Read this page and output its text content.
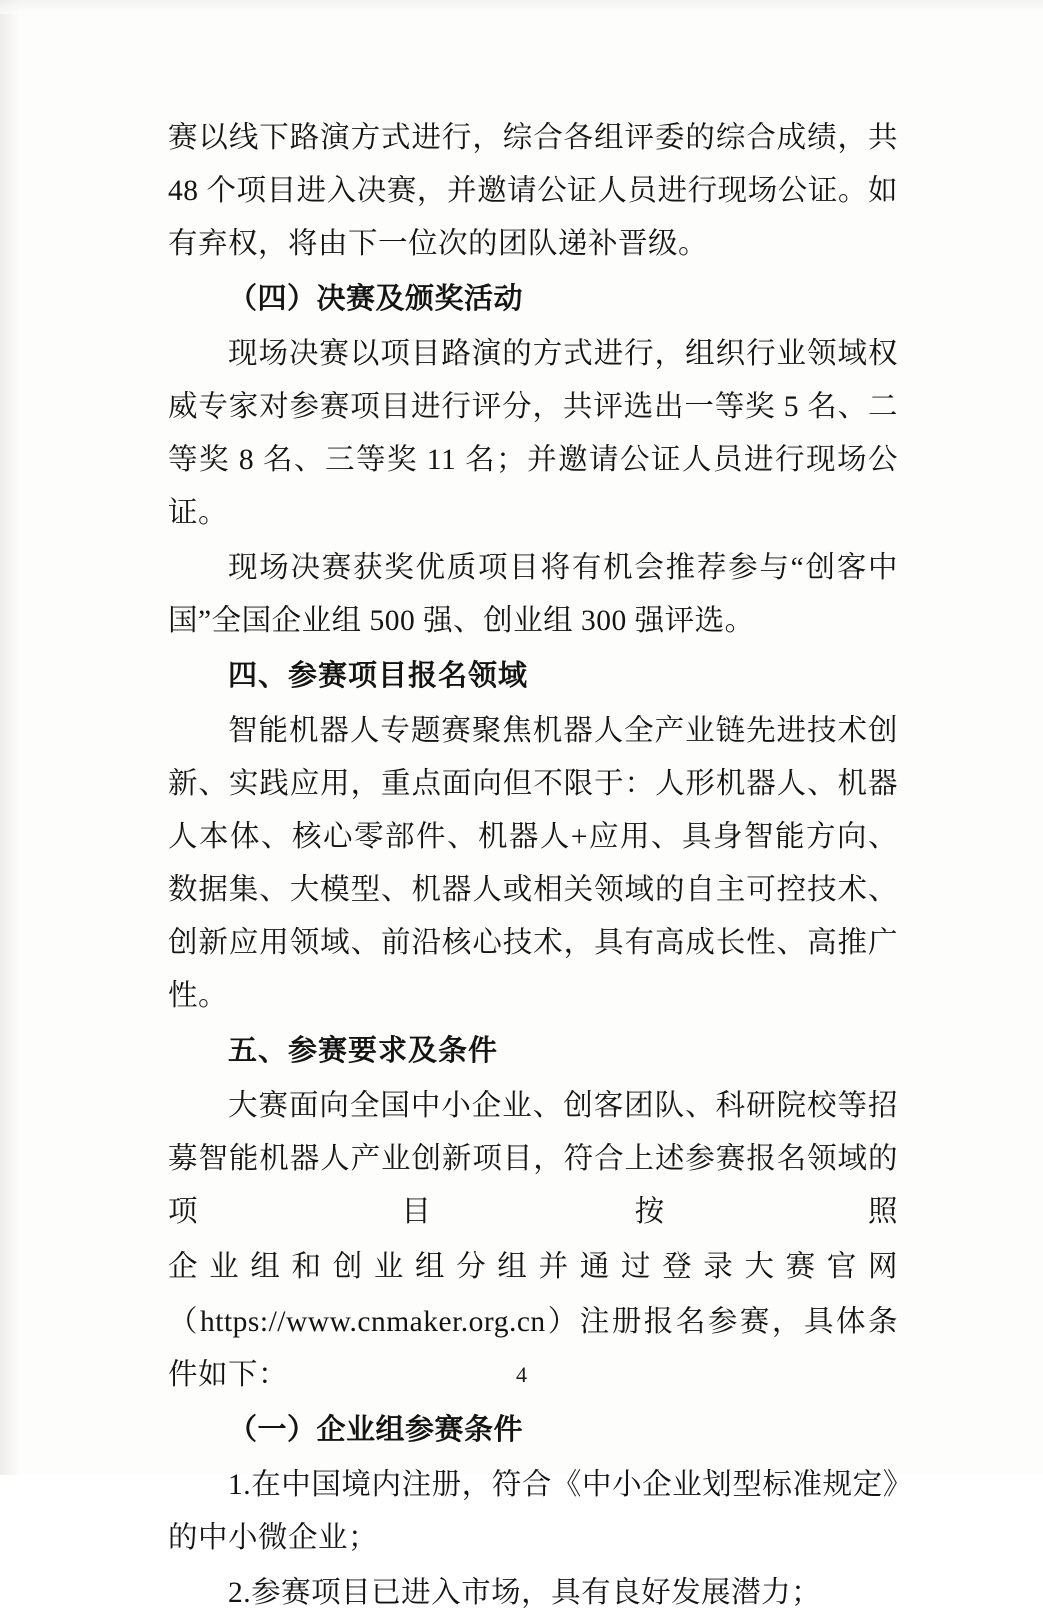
赛以线下路演方式进行，综合各组评委的综合成绩，共 48 个项目进入决赛，并邀请公证人员进行现场公证。如有弃权，将由下一位次的团队递补晋级。

（四）决赛及颁奖活动

现场决赛以项目路演的方式进行，组织行业领域权威专家对参赛项目进行评分，共评选出一等奖 5 名、二等奖 8 名、三等奖 11 名；并邀请公证人员进行现场公证。

现场决赛获奖优质项目将有机会推荐参与“创客中国”全国企业组 500 强、创业组 300 强评选。

四、参赛项目报名领域

智能机器人专题赛聚焦机器人全产业链先进技术创新、实践应用，重点面向但不限于：人形机器人、机器人本体、核心零部件、机器人+应用、具身智能方向、数据集、大模型、机器人或相关领域的自主可控技术、创新应用领域、前沿核心技术，具有高成长性、高推广性。

五、参赛要求及条件

大赛面向全国中小企业、创客团队、科研院校等招募智能机器人产业创新项目，符合上述参赛报名领域的项目按照

企业组和创业组分组并通过登录大赛官网

（https://www.cnmaker.org.cn）注册报名参赛，具体条件如下：

（一）企业组参赛条件

1.在中国境内注册，符合《中小企业划型标准规定》的中小微企业；

2.参赛项目已进入市场，具有良好发展潜力；

4
